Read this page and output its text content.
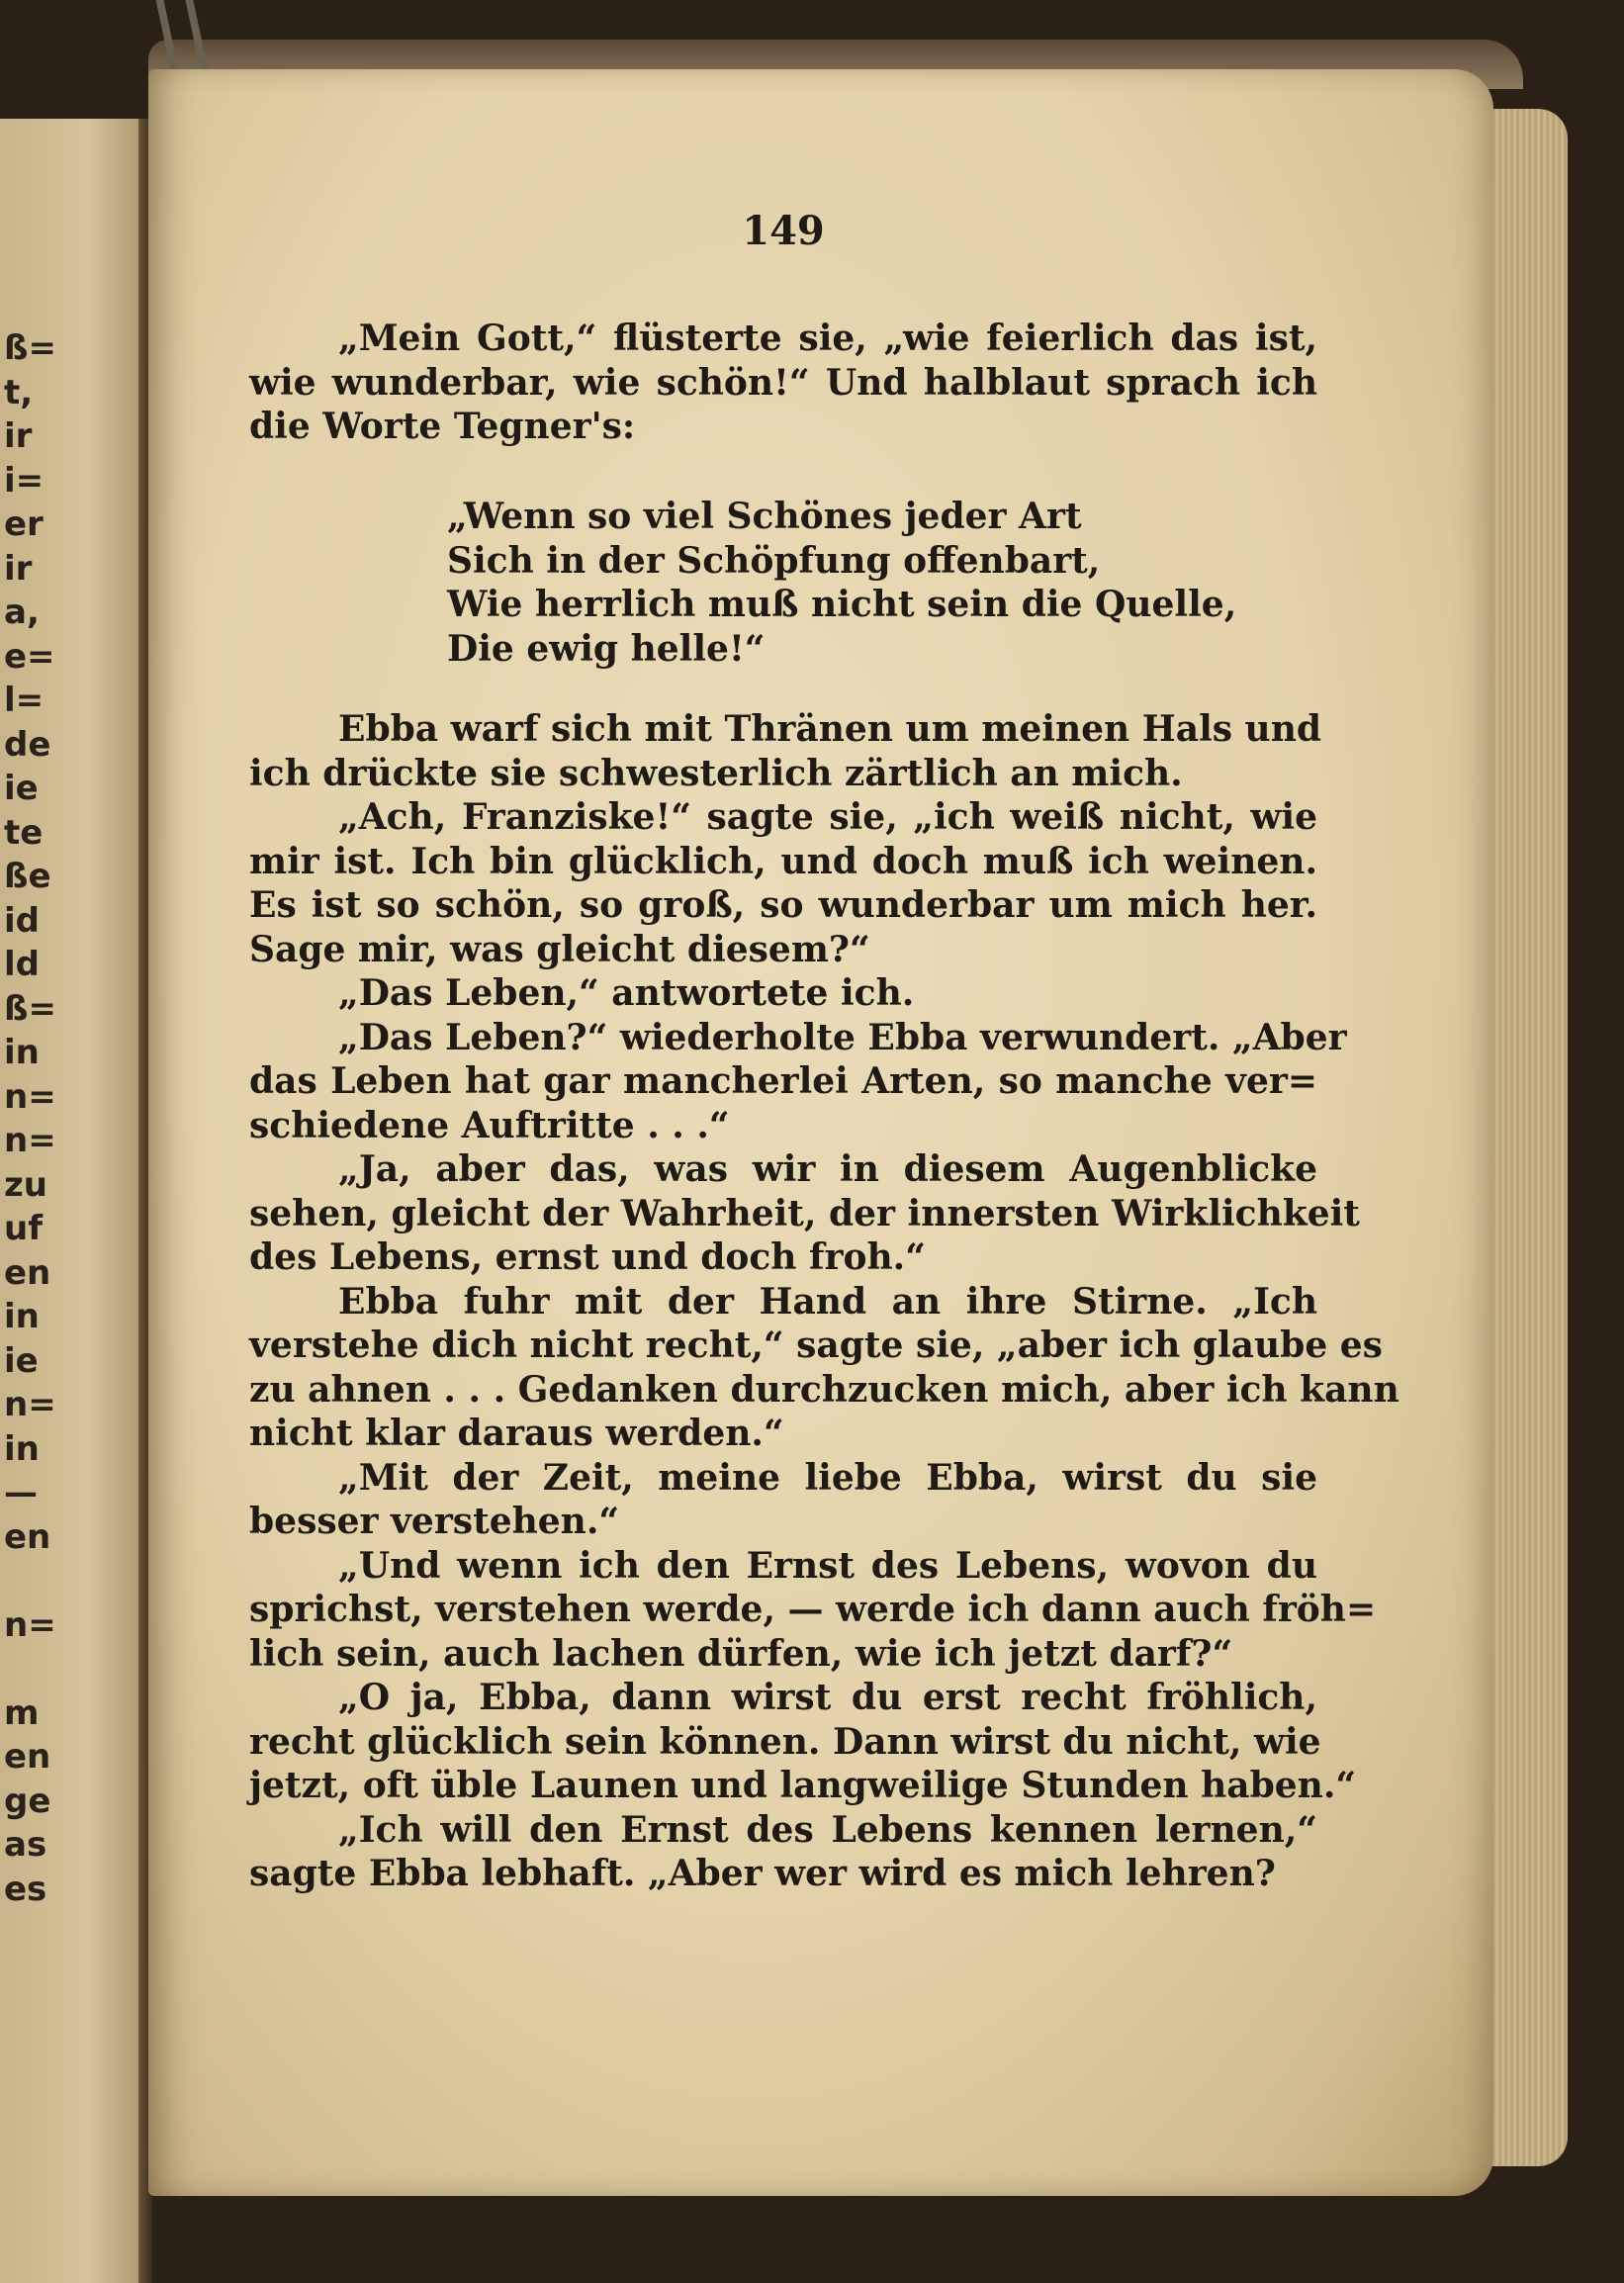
ß=
t,
ir
i=
er
ir
a,
e=
l=
de
ie
te
ße
id
ld
ß=
in
n=
n=
zu
uf
en
in
ie
n=
in
—
en
n=
m
en
ge
as
es
149
„Mein Gott,“ flüsterte sie, „wie feierlich das ist,
wie wunderbar, wie schön!“ Und halblaut sprach ich
die Worte Tegner's:
„Wenn so viel Schönes jeder Art
Sich in der Schöpfung offenbart,
Wie herrlich muß nicht sein die Quelle,
Die ewig helle!“
Ebba warf sich mit Thränen um meinen Hals und
ich drückte sie schwesterlich zärtlich an mich.
„Ach, Franziske!“ sagte sie, „ich weiß nicht, wie
mir ist. Ich bin glücklich, und doch muß ich weinen.
Es ist so schön, so groß, so wunderbar um mich her.
Sage mir, was gleicht diesem?“
„Das Leben,“ antwortete ich.
„Das Leben?“ wiederholte Ebba verwundert. „Aber
das Leben hat gar mancherlei Arten, so manche ver=
schiedene Auftritte . . .“
„Ja, aber das, was wir in diesem Augenblicke
sehen, gleicht der Wahrheit, der innersten Wirklichkeit
des Lebens, ernst und doch froh.“
Ebba fuhr mit der Hand an ihre Stirne. „Ich
verstehe dich nicht recht,“ sagte sie, „aber ich glaube es
zu ahnen . . . Gedanken durchzucken mich, aber ich kann
nicht klar daraus werden.“
„Mit der Zeit, meine liebe Ebba, wirst du sie
besser verstehen.“
„Und wenn ich den Ernst des Lebens, wovon du
sprichst, verstehen werde, — werde ich dann auch fröh=
lich sein, auch lachen dürfen, wie ich jetzt darf?“
„O ja, Ebba, dann wirst du erst recht fröhlich,
recht glücklich sein können. Dann wirst du nicht, wie
jetzt, oft üble Launen und langweilige Stunden haben.“
„Ich will den Ernst des Lebens kennen lernen,“
sagte Ebba lebhaft. „Aber wer wird es mich lehren?
